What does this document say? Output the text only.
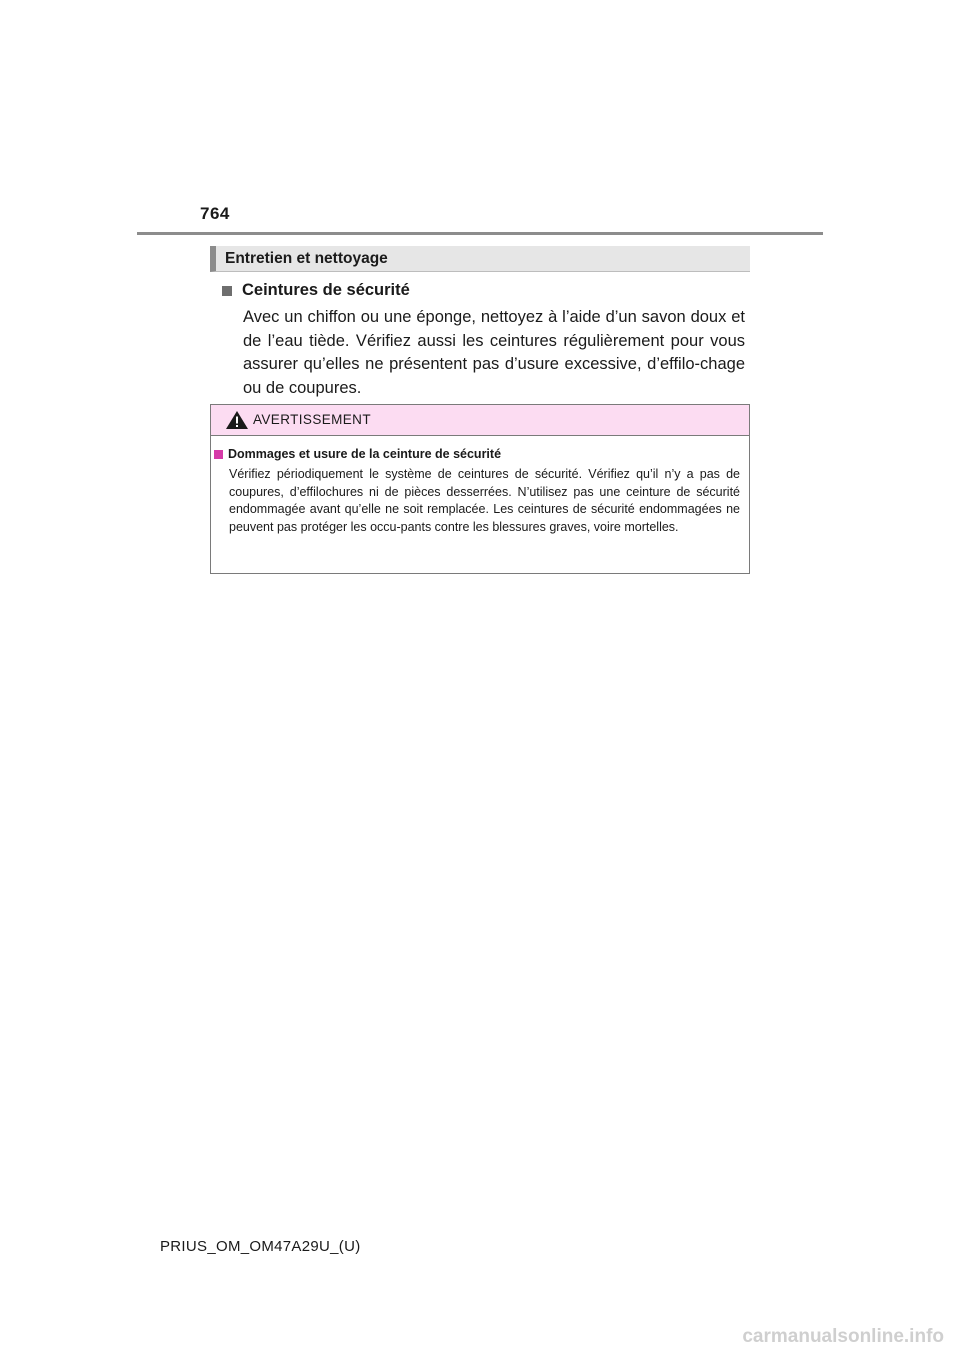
764
Entretien et nettoyage
Ceintures de sécurité
Avec un chiffon ou une éponge, nettoyez à l’aide d’un savon doux et de l’eau tiède. Vérifiez aussi les ceintures régulièrement pour vous assurer qu’elles ne présentent pas d’usure excessive, d’effilo-chage ou de coupures.
AVERTISSEMENT
Dommages et usure de la ceinture de sécurité
Vérifiez périodiquement le système de ceintures de sécurité. Vérifiez qu’il n’y a pas de coupures, d’effilochures ni de pièces desserrées. N’utilisez pas une ceinture de sécurité endommagée avant qu’elle ne soit remplacée. Les ceintures de sécurité endommagées ne peuvent pas protéger les occu-pants contre les blessures graves, voire mortelles.
PRIUS_OM_OM47A29U_(U)
carmanualsonline.info
